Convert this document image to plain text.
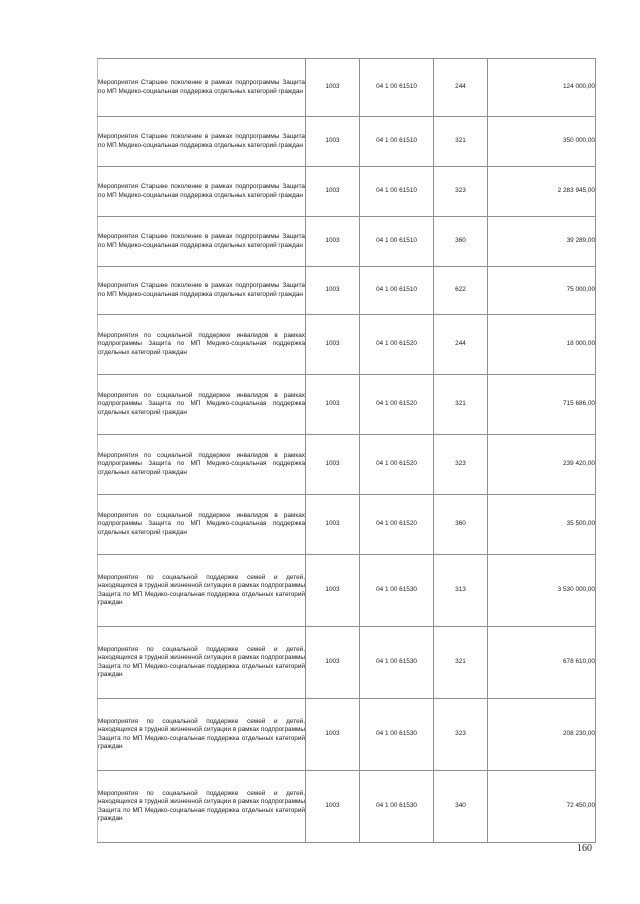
Мероприятия Старшее поколение в рамках подпрограммы Защита по МП Медико-социальная поддержка отдельных категорий граждан	1003	04 1 00 61510	244	124 000,00

Мероприятия Старшее поколение в рамках подпрограммы Защита по МП Медико-социальная поддержка отдельных категорий граждан	1003	04 1 00 61510	321	350 000,00

Мероприятия Старшее поколение в рамках подпрограммы Защита по МП Медико-социальная поддержка отдельных категорий граждан	1003	04 1 00 61510	323	2 283 945,00

Мероприятия Старшее поколение в рамках подпрограммы Защита по МП Медико-социальная поддержка отдельных категорий граждан	1003	04 1 00 61510	360	39 289,00

Мероприятия Старшее поколение в рамках подпрограммы Защита по МП Медико-социальная поддержка отдельных категорий граждан	1003	04 1 00 61510	622	75 000,00

Мероприятия по социальной поддержке инвалидов в рамках подпрограммы Защита по МП Медико-социальная поддержка отдельных категорий граждан	1003	04 1 00 61520	244	18 000,00

Мероприятия по социальной поддержке инвалидов в рамках подпрограммы Защита по МП Медико-социальная поддержка отдельных категорий граждан	1003	04 1 00 61520	321	715 686,00

Мероприятия по социальной поддержке инвалидов в рамках подпрограммы Защита по МП Медико-социальная поддержка отдельных категорий граждан	1003	04 1 00 61520	323	239 420,00

Мероприятия по социальной поддержке инвалидов в рамках подпрограммы Защита по МП Медико-социальная поддержка отдельных категорий граждан	1003	04 1 00 61520	360	35 500,00

Мероприятия по социальной поддержке семей и детей, находящихся в трудной жизненной ситуации в рамках подпрограммы Защита по МП Медико-социальная поддержка отдельных категорий граждан	1003	04 1 00 61530	313	3 530 000,00

Мероприятия по социальной поддержке семей и детей, находящихся в трудной жизненной ситуации в рамках подпрограммы Защита по МП Медико-социальная поддержка отдельных категорий граждан	1003	04 1 00 61530	321	678 610,00

Мероприятия по социальной поддержке семей и детей, находящихся в трудной жизненной ситуации в рамках подпрограммы Защита по МП Медико-социальная поддержка отдельных категорий граждан	1003	04 1 00 61530	323	208 230,00

Мероприятия по социальной поддержке семей и детей, находящихся в трудной жизненной ситуации в рамках подпрограммы Защита по МП Медико-социальная поддержка отдельных категорий граждан	1003	04 1 00 61530	340	72 450,00
160
